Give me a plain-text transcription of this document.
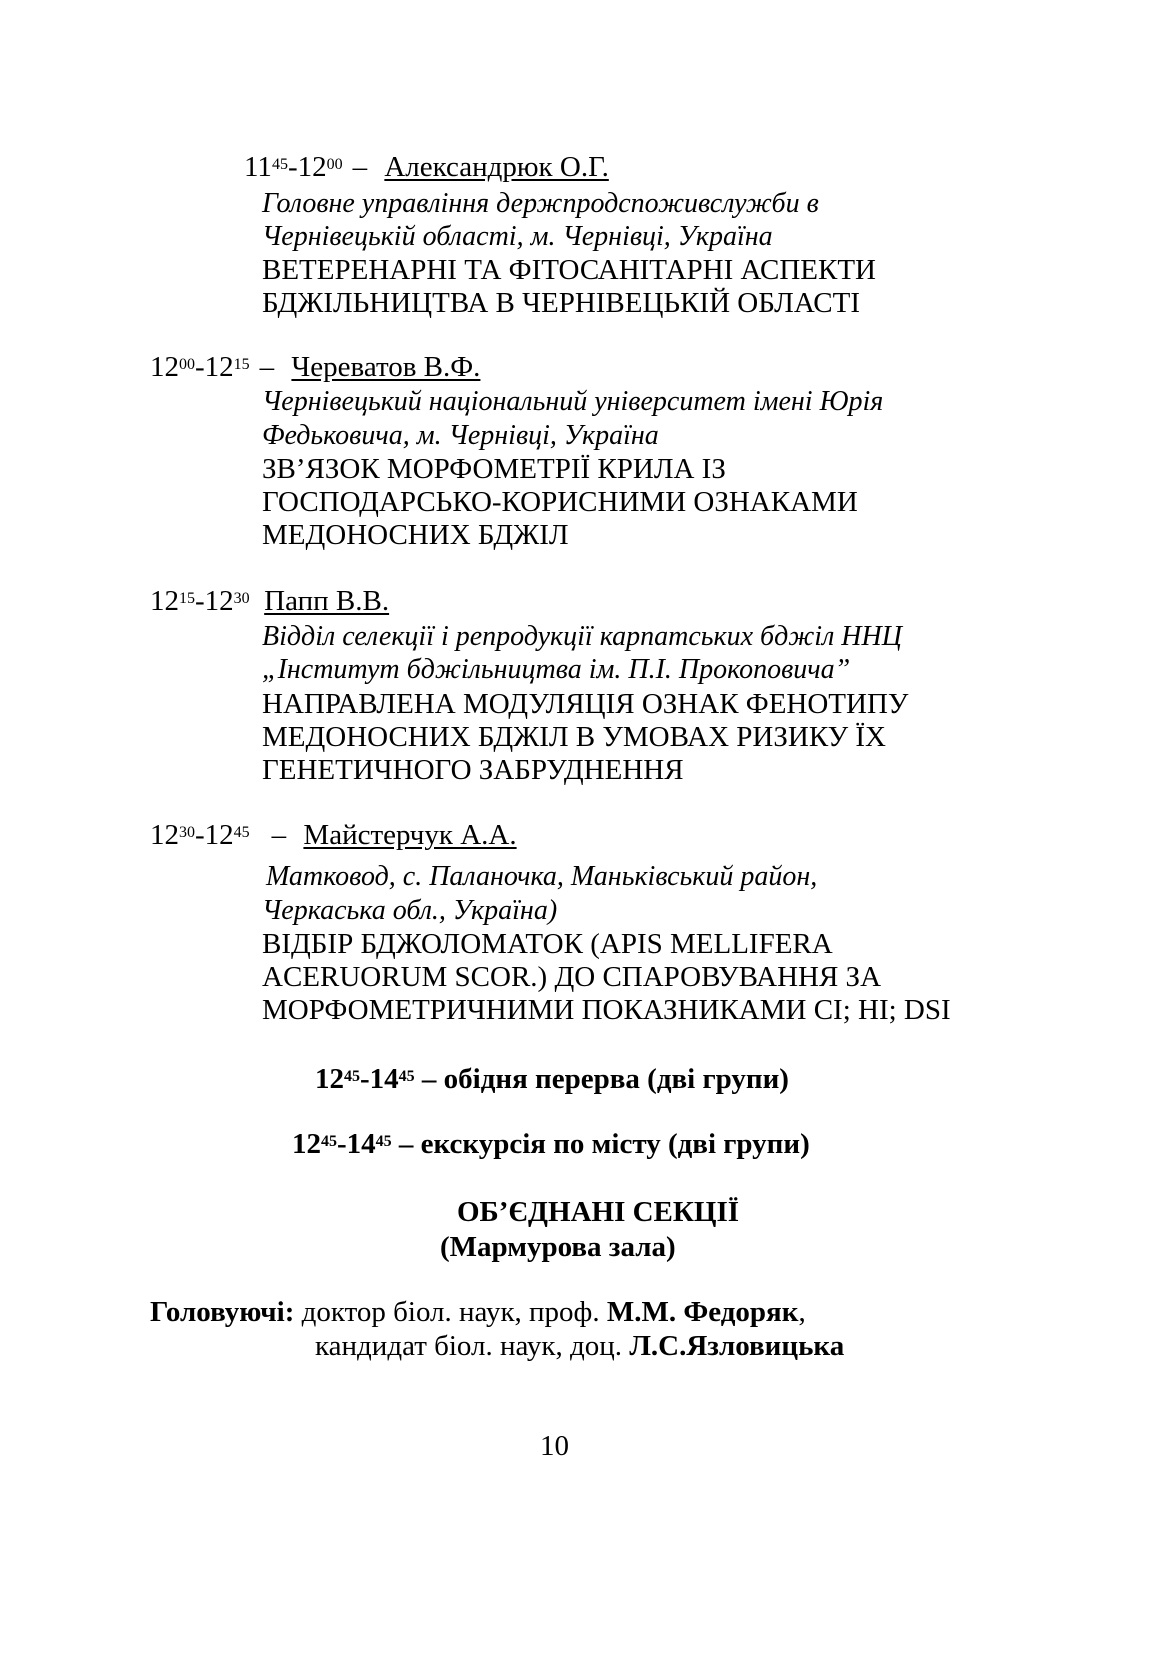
$11^{45}-12^{00}$ – Александрюк О.Г.
Головне управління держпродспоживслужби в
Чернівецькій області, м. Чернівці, Україна
ВЕТЕРЕНАРНІ ТА ФІТОСАНІТАРНІ АСПЕКТИ
БДЖІЛЬНИЦТВА В ЧЕРНІВЕЦЬКІЙ ОБЛАСТІ
$12^{00}-12^{15}$ – Череватов В.Ф.
Чернівецький національний університет імені Юрія
Федьковича, м. Чернівці, Україна
ЗВ’ЯЗОК МОРФОМЕТРІЇ КРИЛА ІЗ
ГОСПОДАРСЬКО-КОРИСНИМИ ОЗНАКАМИ
МЕДОНОСНИХ БДЖІЛ
$12^{15}-12^{30}$ Папп В.В.
Відділ селекції і репродукції карпатських бджіл ННЦ
„Інститут бджільництва ім. П.І. Прокоповича”
НАПРАВЛЕНА МОДУЛЯЦІЯ ОЗНАК ФЕНОТИПУ
МЕДОНОСНИХ БДЖІЛ В УМОВАХ РИЗИКУ ЇХ
ГЕНЕТИЧНОГО ЗАБРУДНЕННЯ
$12^{30}-12^{45}$ – Майстерчук А.А.
Матковод, с. Паланочка, Маньківський район,
Черкаська обл., Україна)
ВІДБІР БДЖОЛОМАТОК (APIS MELLIFERA
ACERUORUM SCOR.) ДО СПАРОВУВАННЯ ЗА
МОРФОМЕТРИЧНИМИ ПОКАЗНИКАМИ СІ; НІ; DSI
$12^{45}-14^{45}$ – обідня перерва (дві групи)
$12^{45}-14^{45}$ – екскурсія по місту (дві групи)
ОБ’ЄДНАНІ СЕКЦІЇ
(Мармурова зала)
Головуючі: доктор біол. наук, проф. М.М. Федоряк,
кандидат біол. наук, доц. Л.С.Язловицька
10
